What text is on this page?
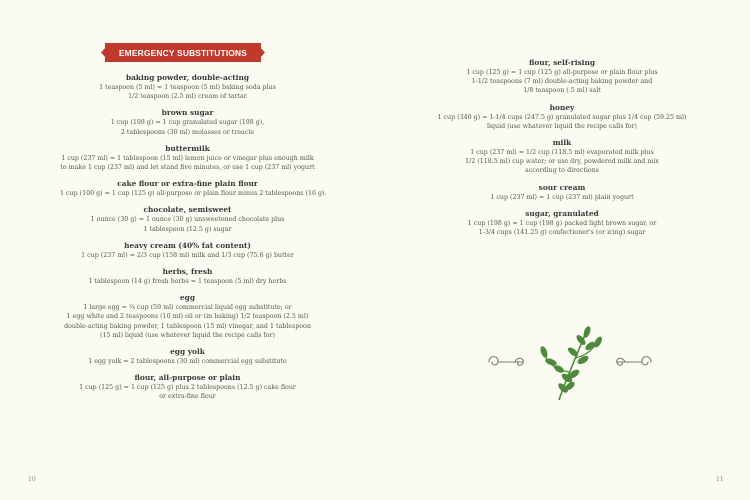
EMERGENCY SUBSTITUTIONS
baking powder, double-acting
1 teaspoon (5 ml) = 1 teaspoon (5 ml) baking soda plus
1/2 teaspoon (2.5 ml) cream of tartar
brown sugar
1 cup (198 g) = 1 cup granulated sugar (198 g),
2 tablespoons (30 ml) molasses or treacle
buttermilk
1 cup (237 ml) = 1 tablespoon (15 ml) lemon juice or vinegar plus enough milk
to make 1 cup (237 ml) and let stand five minutes, or use 1 cup (237 ml) yogurt
cake flour or extra-fine plain flour
1 cup (100 g) = 1 cup (125 g) all-purpose or plain flour minus 2 tablespoons (16 g).
chocolate, semisweet
1 ounce (30 g) = 1 ounce (30 g) unsweetened chocolate plus
1 tablespoon (12.5 g) sugar
heavy cream (40% fat content)
1 cup (237 ml) = 2/3 cup (158 ml) milk and 1/3 cup (75.6 g) butter
herbs, fresh
1 tablespoon (14 g) fresh herbs = 1 teaspoon (5 ml) dry herbs
egg
1 large egg = ¼ cup (59 ml) commercial liquid egg substitute; or
1 egg white and 2 teaspoons (10 ml) oil or (in baking) 1/2 teaspoon (2.5 ml)
double-acting baking powder, 1 tablespoon (15 ml) vinegar, and 1 tablespoon
(15 ml) liquid (use whatever liquid the recipe calls for)
egg yolk
1 egg yolk = 2 tablespoons (30 ml) commercial egg substitute
flour, all-purpose or plain
1 cup (125 g) = 1 cup (125 g) plus 2 tablespoons (12.5 g) cake flour
or extra-fine flour
10
flour, self-rising
1 cup (125 g) = 1 cup (125 g) all-purpose or plain flour plus
1-1/2 teaspoons (7 ml) double-acting baking powder and
1/8 teaspoon (.5 ml) salt
honey
1 cup (340 g) = 1-1/4 cups (247.5 g) granulated sugar plus 1/4 cup (59.25 ml)
liquid (use whatever liquid the recipe calls for)
milk
1 cup (237 ml) = 1/2 cup (118.5 ml) evaporated milk plus
1/2 (118.5 ml) cup water; or use dry, powdered milk and mix
according to directions
sour cream
1 cup (237 ml) = 1 cup (237 ml) plain yogurt
sugar, granulated
1 cup (198 g) = 1 cup (198 g) packed light brown sugar, or
1-3/4 cups (141.25 g) confectioner's (or icing) sugar
11
